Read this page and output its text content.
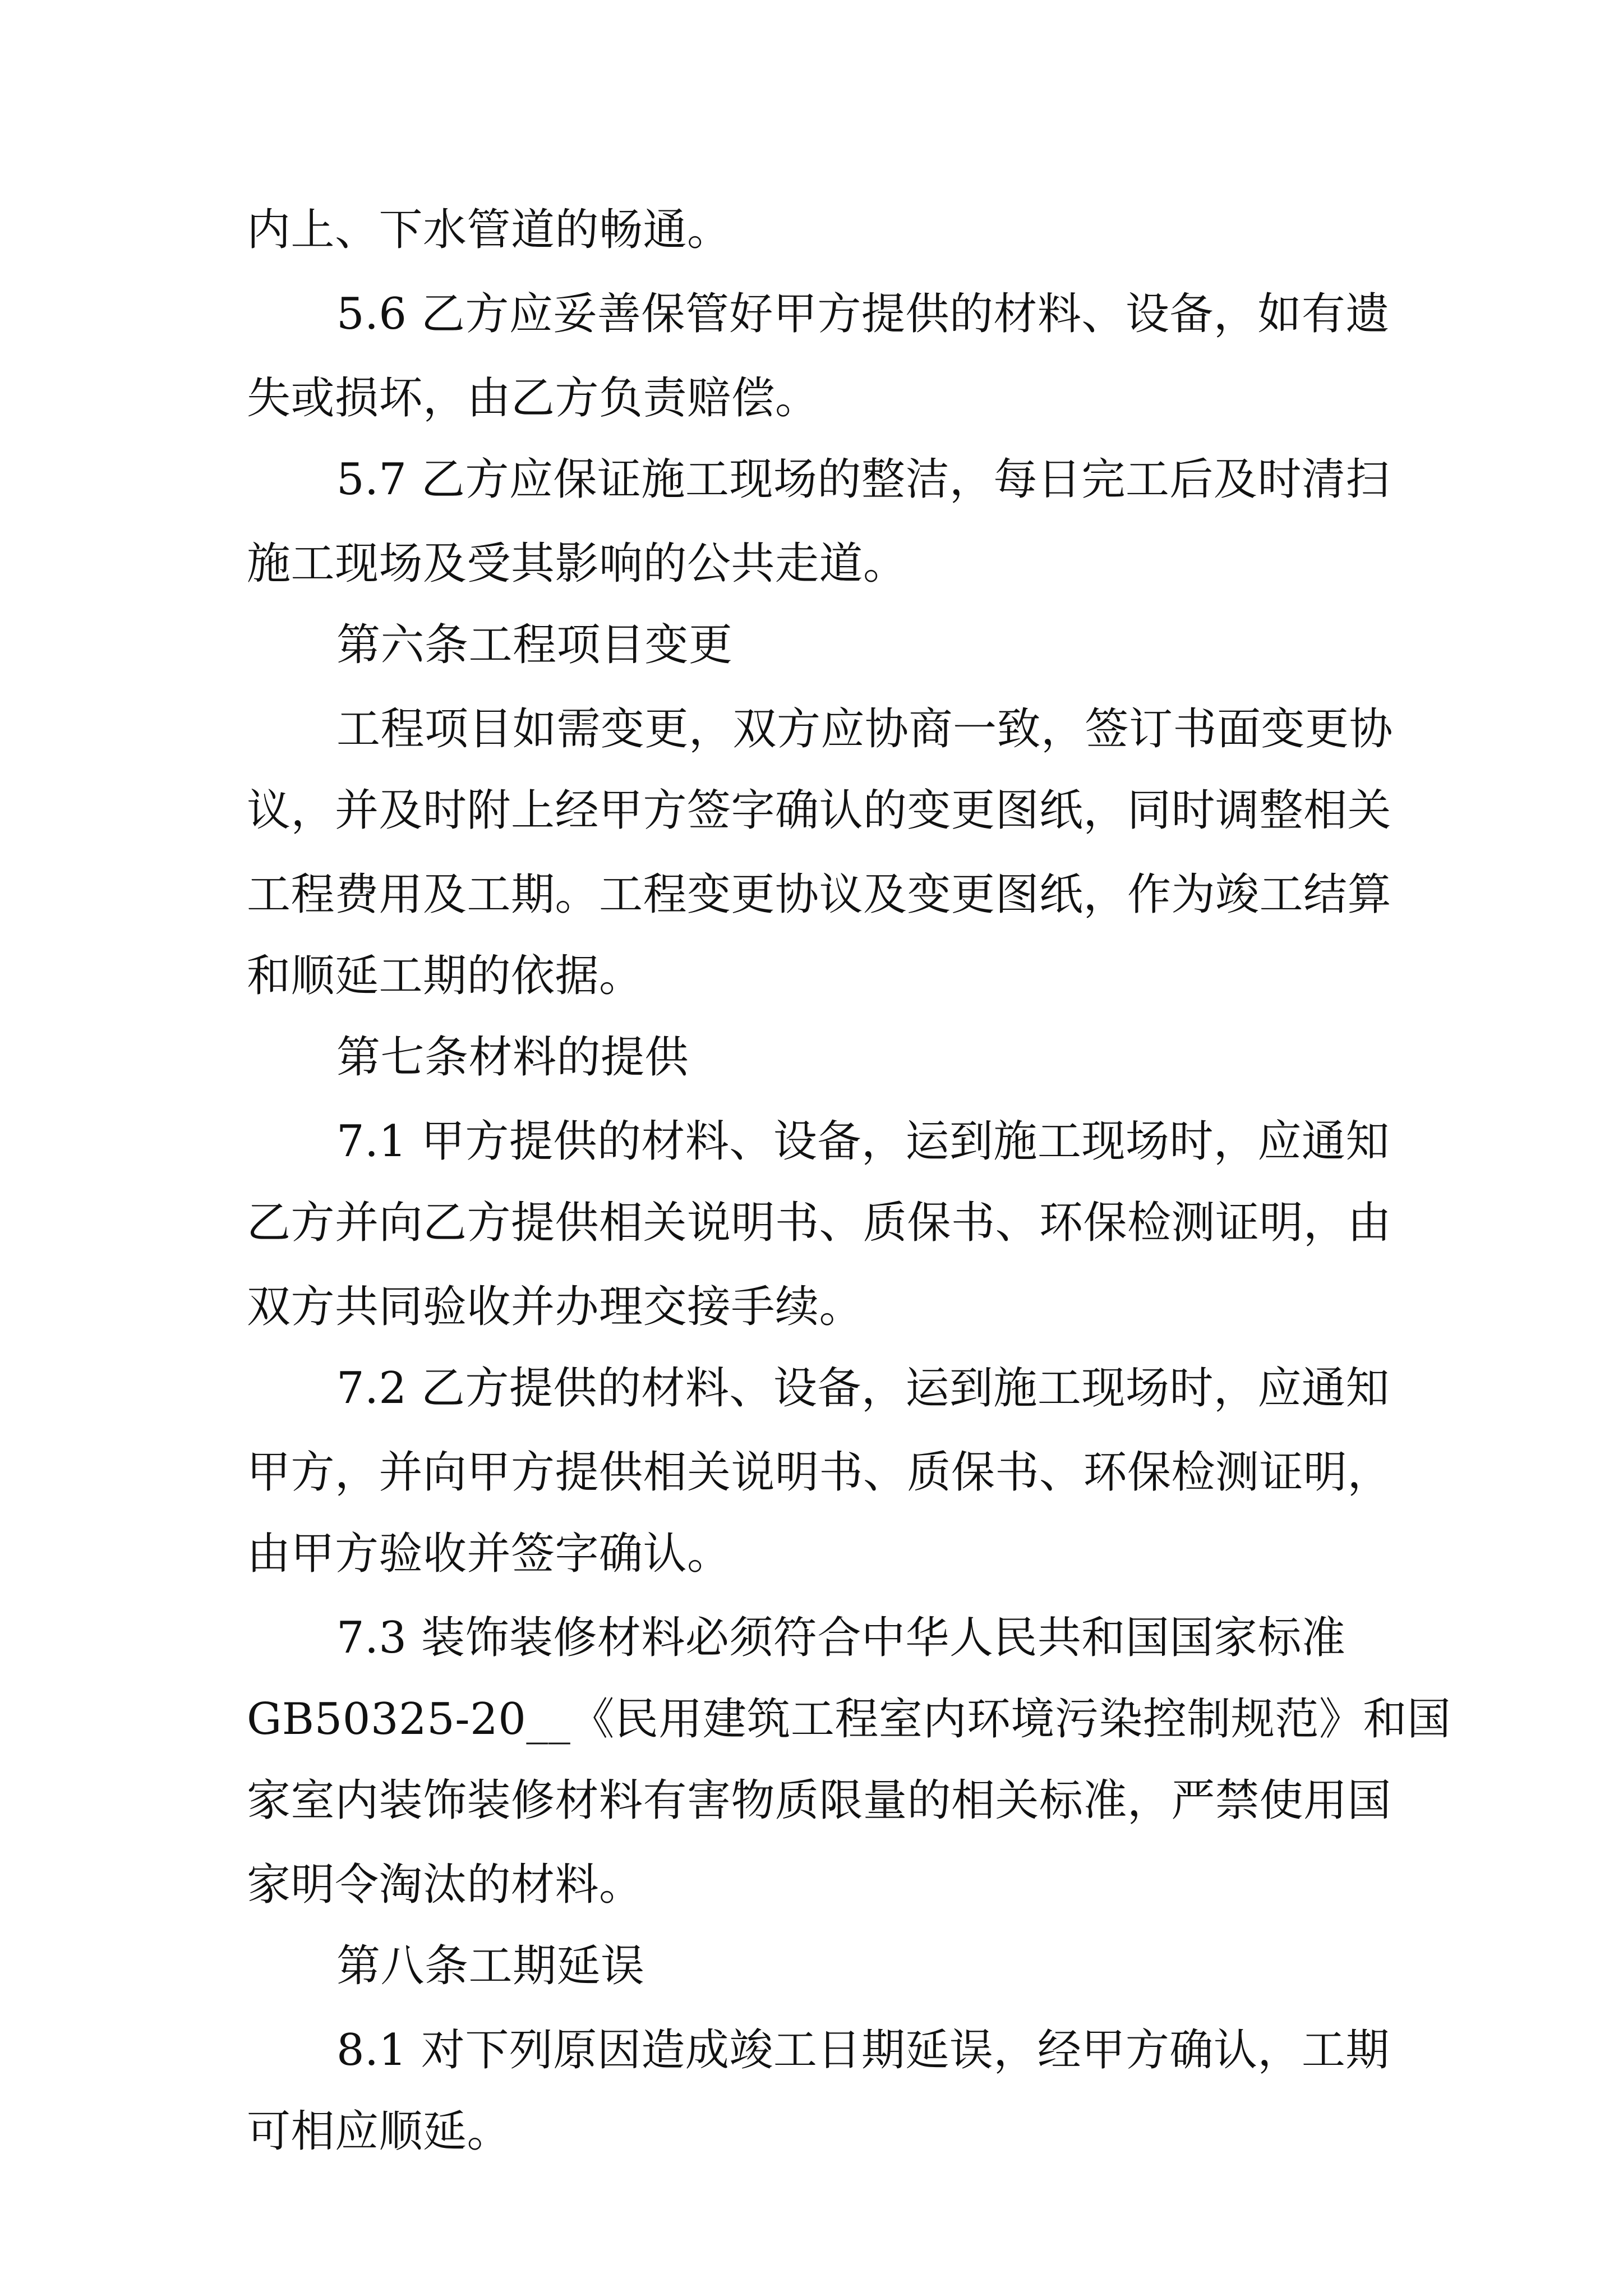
内上、下水管道的畅通。
5.6 乙方应妥善保管好甲方提供的材料、设备，如有遗
失或损坏，由乙方负责赔偿。
5.7 乙方应保证施工现场的整洁，每日完工后及时清扫
施工现场及受其影响的公共走道。
第六条工程项目变更
工程项目如需变更，双方应协商一致，签订书面变更协
议，并及时附上经甲方签字确认的变更图纸，同时调整相关
工程费用及工期。工程变更协议及变更图纸，作为竣工结算
和顺延工期的依据。
第七条材料的提供
7.1 甲方提供的材料、设备，运到施工现场时，应通知
乙方并向乙方提供相关说明书、质保书、环保检测证明，由
双方共同验收并办理交接手续。
7.2 乙方提供的材料、设备，运到施工现场时，应通知
甲方，并向甲方提供相关说明书、质保书、环保检测证明，
由甲方验收并签字确认。
7.3 装饰装修材料必须符合中华人民共和国国家标准
GB50325-20__《民用建筑工程室内环境污染控制规范》和国
家室内装饰装修材料有害物质限量的相关标准，严禁使用国
家明令淘汰的材料。
第八条工期延误
8.1 对下列原因造成竣工日期延误，经甲方确认，工期
可相应顺延。
